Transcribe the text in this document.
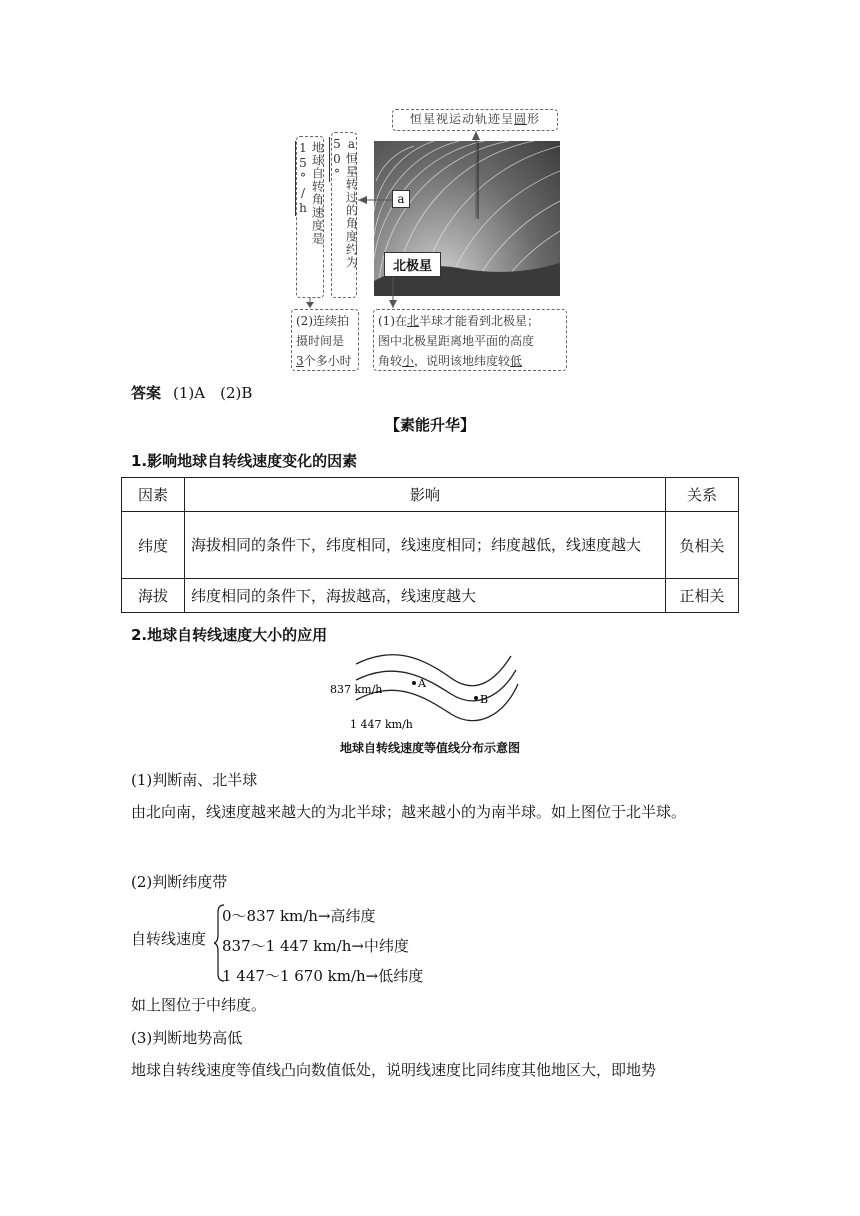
恒星视运动轨迹呈圆形
地球自转角速度是15°/h	a恒星转过的角度约为50°
a
北极星
(2)连续拍
摄时间是
3个多小时
(1)在北半球才能看到北极星；
图中北极星距离地平面的高度
角较小，说明该地纬度较低
答案 (1)A　(2)B
【素能升华】
1.影响地球自转线速度变化的因素
因素	影响	关系
纬度	海拔相同的条件下，纬度相同，线速度相同；纬度越低，线速度越大	负相关
海拔	纬度相同的条件下，海拔越高，线速度越大	正相关
2.地球自转线速度大小的应用
837 km/h
1 447 km/h
A
B
地球自转线速度等值线分布示意图
(1)判断南、北半球
由北向南，线速度越来越大的为北半球；越来越小的为南半球。如上图位于北半球。
(2)判断纬度带
自转线速度
0～837 km/h→高纬度
837～1 447 km/h→中纬度
1 447～1 670 km/h→低纬度
如上图位于中纬度。
(3)判断地势高低
地球自转线速度等值线凸向数值低处，说明线速度比同纬度其他地区大，即地势
